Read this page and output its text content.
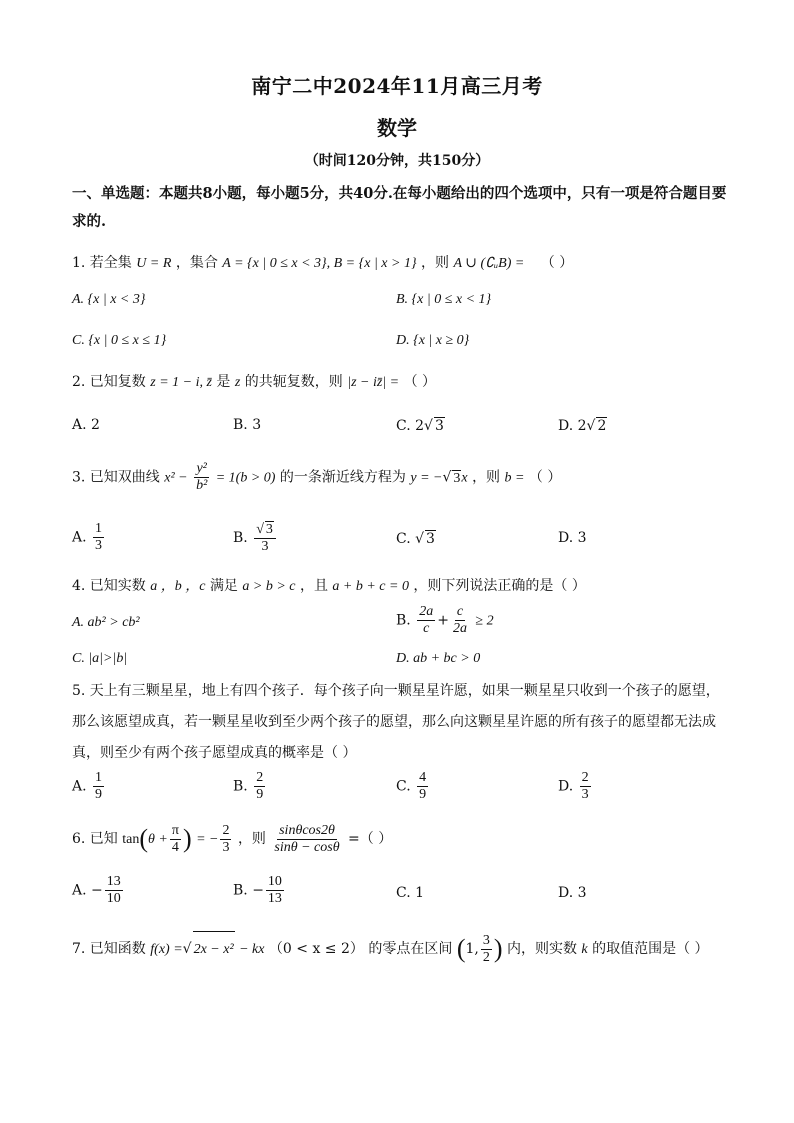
南宁二中2024年11月高三月考
数学
（时间120分钟，共150分）
一、单选题：本题共8小题，每小题5分，共40分.在每小题给出的四个选项中，只有一项是符合题目要求的.
1. 若全集 U = R ，集合 A = {x | 0 ≤ x < 3}, B = {x | x > 1} ，则 A ∪ (∁ᵤB) = （ ）
A. {x | x < 3}	B. {x | 0 ≤ x < 1}
C. {x | 0 ≤ x ≤ 1}	D. {x | x ≥ 0}
2. 已知复数 z = 1 − i, z̄ 是 z 的共轭复数，则 |z − iz̄| = （ ）
A. 2	B. 3	C. 2√ 3	D. 2√ 2
3. 已知双曲线 $x^2 - \frac{\text{y²}}{\text{b²}} = 1(b > 0)$ 的一条渐近线方程为 y = −√ 3x ，则 b = （ ）
A. $\frac{1}{3}$	B. $\frac{√ 3}{3}$	C. √ 3	D. 3
4. 已知实数 a ，b ，c 满足 a > b > c ，且 a + b + c = 0 ，则下列说法正确的是（ ）
A. ab² > cb²	B. $\frac{2a}{c} + \frac{c}{2a} \ge 2$
C. |a|>|b|	D. ab + bc > 0
5. 天上有三颗星星，地上有四个孩子．每个孩子向一颗星星许愿，如果一颗星星只收到一个孩子的愿望，那么该愿望成真，若一颗星星收到至少两个孩子的愿望，那么向这颗星星许愿的所有孩子的愿望都无法成真，则至少有两个孩子愿望成真的概率是（ ）
A. $\frac{1}{9}$	B. $\frac{2}{9}$	C. $\frac{4}{9}$	D. $\frac{2}{3}$
6. 已知 $\tan(\theta + \frac{\pi}{4}$ ) = − $\frac{2}{3}$ ，则 $\frac{\sin\theta\cos 2\theta}{\sin\theta - \cos\theta}$ =（ ）
A. − $\frac{13}{10}$	B. − $\frac{10}{13}$	C. 1	D. 3
7. 已知函数 f(x) =√ 2x − x² − kx （0 < x ≤ 2） 的零点在区间 (1, $\frac{3}{2}$ ) 内，则实数 k 的取值范围是（ ）
